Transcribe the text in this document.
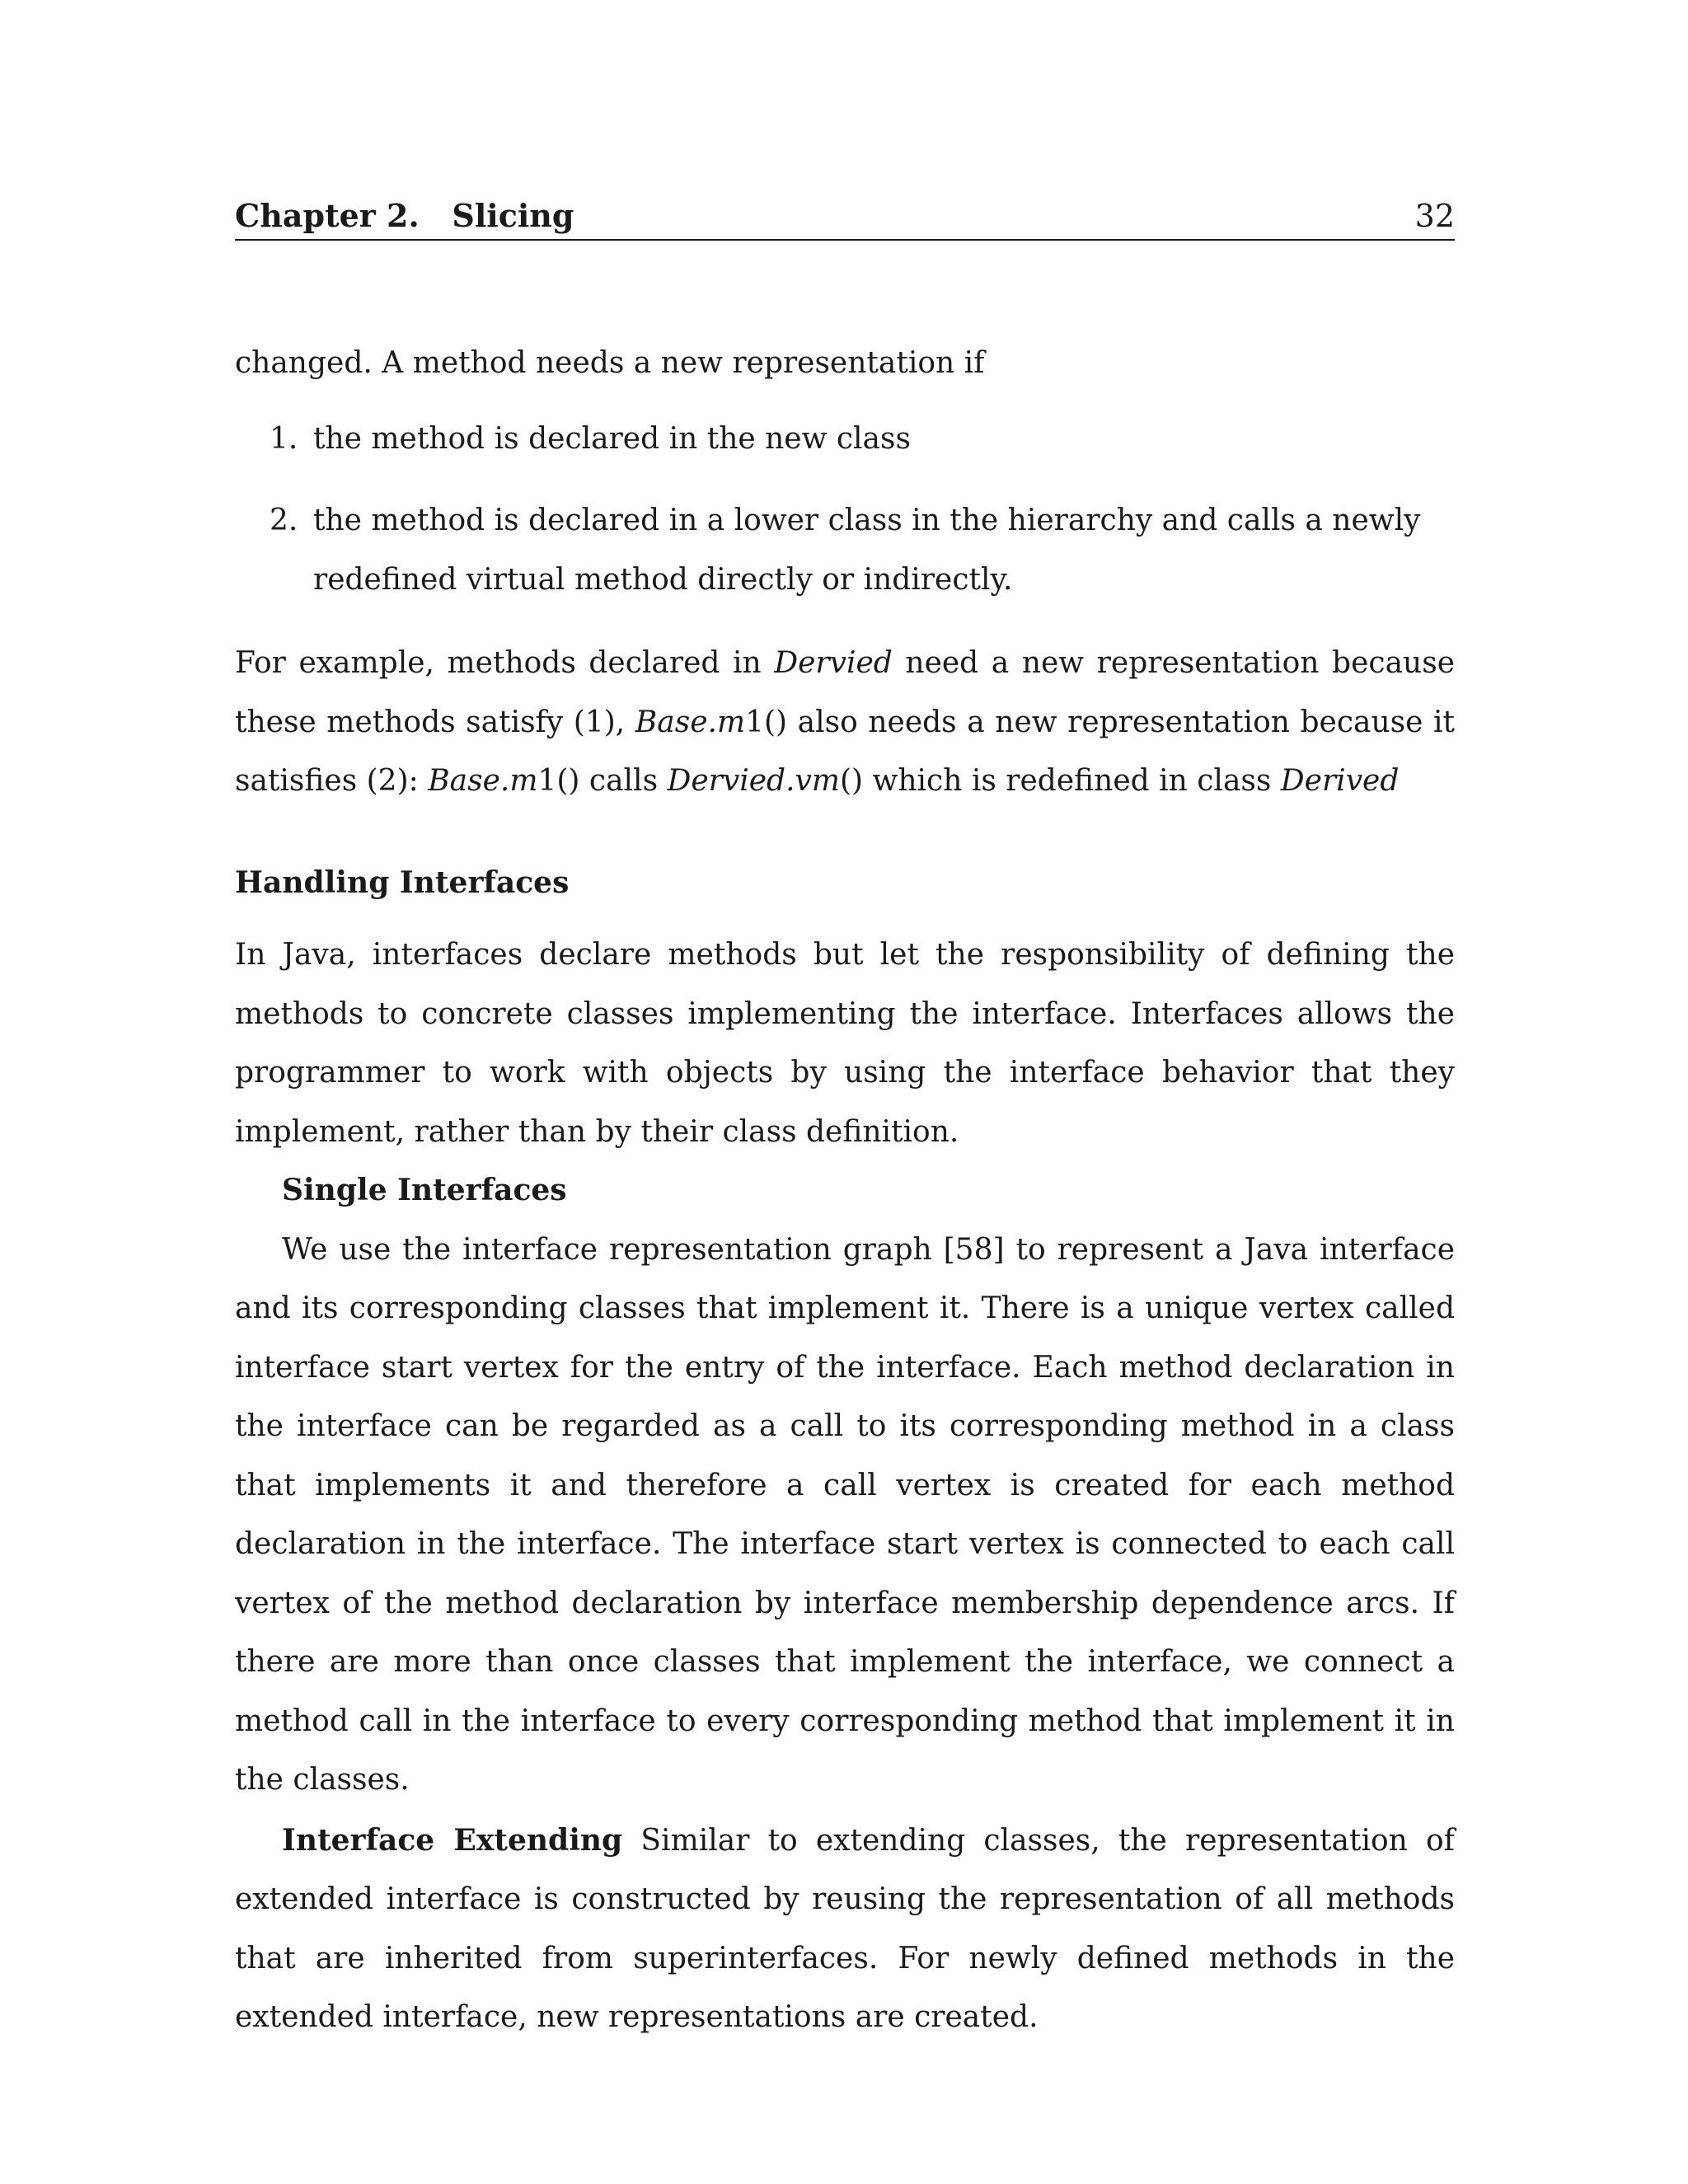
Chapter 2.   Slicing	32

changed. A method needs a new representation if

1. the method is declared in the new class
2. the method is declared in a lower class in the hierarchy and calls a newly redefined virtual method directly or indirectly.

For example, methods declared in Dervied need a new representation because these methods satisfy (1), Base.m1() also needs a new representation because it satisfies (2): Base.m1() calls Dervied.vm() which is redefined in class Derived

Handling Interfaces

In Java, interfaces declare methods but let the responsibility of defining the methods to concrete classes implementing the interface. Interfaces allows the programmer to work with objects by using the interface behavior that they implement, rather than by their class definition.

Single Interfaces

We use the interface representation graph [58] to represent a Java interface and its corresponding classes that implement it. There is a unique vertex called interface start vertex for the entry of the interface. Each method declaration in the interface can be regarded as a call to its corresponding method in a class that implements it and therefore a call vertex is created for each method declaration in the interface. The interface start vertex is connected to each call vertex of the method declaration by interface membership dependence arcs. If there are more than once classes that implement the interface, we connect a method call in the interface to every corresponding method that implement it in the classes.

Interface Extending Similar to extending classes, the representation of extended interface is constructed by reusing the representation of all methods that are inherited from superinterfaces. For newly defined methods in the extended interface, new representations are created.
